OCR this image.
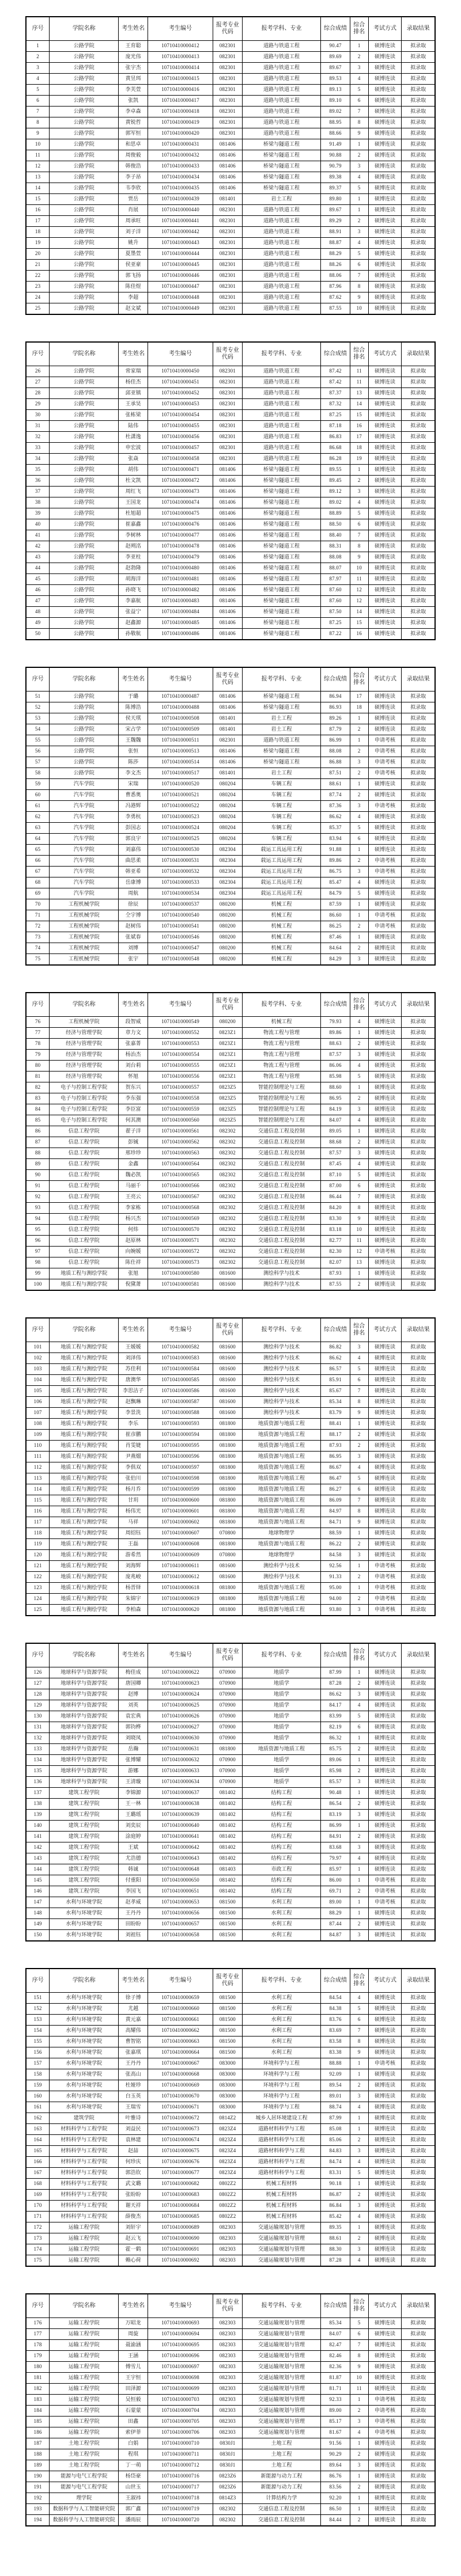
序号	学院名称	考生姓名	考生编号	报考专业代码	报考学科、专业	综合成绩	综合排名	考试方式	录取结果
1	公路学院	王育聪	10710410000412	082301	道路与铁道工程	90.47	1	硕博连读	拟录取
2	公路学院	庞光伟	10710410000413	082301	道路与铁道工程	89.69	2	硕博连读	拟录取
3	公路学院	张宇杰	10710410000414	082301	道路与铁道工程	89.67	3	硕博连读	拟录取
4	公路学院	黄昱珥	10710410000415	082301	道路与铁道工程	89.53	4	硕博连读	拟录取
5	公路学院	李芙萱	10710410000416	082301	道路与铁道工程	89.13	5	硕博连读	拟录取
6	公路学院	张凯	10710410000417	082301	道路与铁道工程	89.10	6	硕博连读	拟录取
7	公路学院	李卓森	10710410000418	082301	道路与铁道工程	89.02	7	硕博连读	拟录取
8	公路学院	黄锐哲	10710410000419	082301	道路与铁道工程	88.95	8	硕博连读	拟录取
9	公路学院	郭军恒	10710410000420	082301	道路与铁道工程	88.66	9	硕博连读	拟录取
10	公路学院	和思卓	10710410000431	081406	桥梁与隧道工程	91.49	1	硕博连读	拟录取
11	公路学院	周俊毅	10710410000432	081406	桥梁与隧道工程	90.88	2	硕博连读	拟录取
12	公路学院	韩俊浩	10710410000433	081406	桥梁与隧道工程	90.79	3	硕博连读	拟录取
13	公路学院	李子昂	10710410000434	081406	桥梁与隧道工程	89.38	4	硕博连读	拟录取
14	公路学院	韦李欣	10710410000435	081406	桥梁与隧道工程	89.37	5	硕博连读	拟录取
15	公路学院	贾岳	10710410000439	081401	岩土工程	89.80	1	硕博连读	拟录取
16	公路学院	肖展	10710410000440	082301	道路与铁道工程	89.67	1	硕博连读	拟录取
17	公路学院	周承旺	10710410000441	082301	道路与铁道工程	89.29	2	硕博连读	拟录取
18	公路学院	刘子洋	10710410000442	082301	道路与铁道工程	88.91	3	硕博连读	拟录取
19	公路学院	姚升	10710410000443	082301	道路与铁道工程	88.87	4	硕博连读	拟录取
20	公路学院	夏墨萱	10710410000444	082301	道路与铁道工程	88.29	5	硕博连读	拟录取
21	公路学院	侯亚豪	10710410000445	082301	道路与铁道工程	88.26	6	硕博连读	拟录取
22	公路学院	郭飞扬	10710410000446	082301	道路与铁道工程	88.06	7	硕博连读	拟录取
23	公路学院	陈佳煜	10710410000447	082301	道路与铁道工程	87.96	8	硕博连读	拟录取
24	公路学院	李超	10710410000448	082301	道路与铁道工程	87.62	9	硕博连读	拟录取
25	公路学院	赵文斌	10710410000449	082301	道路与铁道工程	87.55	10	硕博连读	拟录取
序号	学院名称	考生姓名	考生编号	报考专业代码	报考学科、专业	综合成绩	综合排名	考试方式	录取结果
26	公路学院	常家瑞	10710410000450	082301	道路与铁道工程	87.42	11	硕博连读	拟录取
27	公路学院	杨佳杰	10710410000451	082301	道路与铁道工程	87.42	11	硕博连读	拟录取
28	公路学院	邱亚镇	10710410000452	082301	道路与铁道工程	87.37	13	硕博连读	拟录取
29	公路学院	王承昊	10710410000453	082301	道路与铁道工程	87.32	14	硕博连读	拟录取
30	公路学院	张栋梁	10710410000454	082301	道路与铁道工程	87.25	15	硕博连读	拟录取
31	公路学院	陆伟	10710410000455	082301	道路与铁道工程	87.18	16	硕博连读	拟录取
32	公路学院	杜潇逸	10710410000456	082301	道路与铁道工程	86.83	17	硕博连读	拟录取
33	公路学院	申宏波	10710410000457	082301	道路与铁道工程	86.68	18	硕博连读	拟录取
34	公路学院	张焱	10710410000458	082301	道路与铁道工程	86.28	19	硕博连读	拟录取
35	公路学院	胡伟	10710410000471	081406	桥梁与隧道工程	89.55	1	硕博连读	拟录取
36	公路学院	杜文凯	10710410000472	081406	桥梁与隧道工程	89.45	2	硕博连读	拟录取
37	公路学院	周红飞	10710410000473	081406	桥梁与隧道工程	89.12	3	硕博连读	拟录取
38	公路学院	王国龙	10710410000474	081406	桥梁与隧道工程	89.02	4	硕博连读	拟录取
39	公路学院	杜旭超	10710410000475	081406	桥梁与隧道工程	88.89	5	硕博连读	拟录取
40	公路学院	崔嘉鑫	10710410000476	081406	桥梁与隧道工程	88.50	6	硕博连读	拟录取
41	公路学院	李树林	10710410000477	081406	桥梁与隧道工程	88.40	7	硕博连读	拟录取
42	公路学院	赵朔洺	10710410000478	081406	桥梁与隧道工程	88.31	8	硕博连读	拟录取
43	公路学院	李亚柱	10710410000479	081406	桥梁与隧道工程	88.08	9	硕博连读	拟录取
44	公路学院	赵勃隆	10710410000480	081406	桥梁与隧道工程	88.07	10	硕博连读	拟录取
45	公路学院	胡海洋	10710410000481	081406	桥梁与隧道工程	87.97	11	硕博连读	拟录取
46	公路学院	孙晓飞	10710410000482	081406	桥梁与隧道工程	87.60	12	硕博连读	拟录取
47	公路学院	李嘉航	10710410000483	081406	桥梁与隧道工程	87.60	12	硕博连读	拟录取
48	公路学院	张益宁	10710410000484	081406	桥梁与隧道工程	87.50	14	硕博连读	拟录取
49	公路学院	赵鑫源	10710410000485	081406	桥梁与隧道工程	87.25	15	硕博连读	拟录取
50	公路学院	孙敬航	10710410000486	081406	桥梁与隧道工程	87.22	16	硕博连读	拟录取
序号	学院名称	考生姓名	考生编号	报考专业代码	报考学科、专业	综合成绩	综合排名	考试方式	录取结果
51	公路学院	于璐	10710410000487	081406	桥梁与隧道工程	86.94	17	硕博连读	拟录取
52	公路学院	陈博浩	10710410000488	081406	桥梁与隧道工程	86.93	18	硕博连读	拟录取
53	公路学院	侯天琪	10710410000508	081401	岩土工程	89.26	1	硕博连读	拟录取
54	公路学院	宋占学	10710410000509	081401	岩土工程	87.79	2	硕博连读	拟录取
55	公路学院	王魏魏	10710410000511	082301	道路与铁道工程	86.99	1	申请考核	拟录取
56	公路学院	张恒	10710410000513	081406	桥梁与隧道工程	88.08	2	申请考核	拟录取
57	公路学院	陈莎	10710410000514	081406	桥梁与隧道工程	86.88	3	申请考核	拟录取
58	公路学院	李文杰	10710410000517	081401	岩土工程	87.51	2	申请考核	拟录取
59	汽车学院	宋瑞	10710410000520	080204	车辆工程	88.61	1	硕博连读	拟录取
60	汽车学院	曹悉奥	10710410000521	080204	车辆工程	87.74	2	硕博连读	拟录取
61	汽车学院	冯港辉	10710410000522	080204	车辆工程	87.36	3	申请考核	拟录取
62	汽车学院	李勇杭	10710410000523	080204	车辆工程	86.62	4	硕博连读	拟录取
63	汽车学院	彭国志	10710410000524	080204	车辆工程	85.37	5	硕博连读	拟录取
64	汽车学院	郭良宇	10710410000525	080204	车辆工程	83.94	6	硕博连读	拟录取
65	汽车学院	刘嘉伟	10710410000530	082304	载运工具运用工程	91.88	1	硕博连读	拟录取
66	汽车学院	曲思柔	10710410000531	082304	载运工具运用工程	89.86	2	申请考核	拟录取
67	汽车学院	韩亚希	10710410000532	082304	载运工具运用工程	86.75	3	申请考核	拟录取
68	汽车学院	岳康博	10710410000533	082304	载运工具运用工程	85.47	4	硕博连读	拟录取
69	汽车学院	周航	10710410000534	082304	载运工具运用工程	84.79	5	硕博连读	拟录取
70	工程机械学院	徐辰	10710410000537	080200	机械工程	87.59	1	硕博连读	拟录取
71	工程机械学院	仝宇博	10710410000540	080200	机械工程	86.60	1	申请考核	拟录取
72	工程机械学院	赵树伟	10710410000541	080200	机械工程	86.25	2	申请考核	拟录取
73	工程机械学院	张斌春	10710410000546	080200	机械工程	87.46	1	硕博连读	拟录取
74	工程机械学院	刘博	10710410000547	080200	机械工程	84.64	2	硕博连读	拟录取
75	工程机械学院	张宇	10710410000548	080200	机械工程	84.29	3	硕博连读	拟录取
序号	学院名称	考生姓名	考生编号	报考专业代码	报考学科、专业	综合成绩	综合排名	考试方式	录取结果
76	工程机械学院	段智威	10710410000549	080200	机械工程	79.93	4	硕博连读	拟录取
77	经济与管理学院	章力文	10710410000552	0823Z1	物流工程与管理	89.86	1	硕博连读	拟录取
78	经济与管理学院	张嘉菁	10710410000553	0823Z1	物流工程与管理	88.63	2	硕博连读	拟录取
79	经济与管理学院	杨治杰	10710410000554	0823Z1	物流工程与管理	87.57	3	硕博连读	拟录取
80	经济与管理学院	刘台莉	10710410000555	0823Z1	物流工程与管理	86.06	4	硕博连读	拟录取
81	经济与管理学院	怀旭	10710410000556	0823Z1	物流工程与管理	85.98	5	硕博连读	拟录取
82	电子与控制工程学院	贺东兴	10710410000557	0823Z5	智能控制理论与工程	88.60	1	硕博连读	拟录取
83	电子与控制工程学院	李东强	10710410000558	0823Z5	智能控制理论与工程	86.95	2	硕博连读	拟录取
84	电子与控制工程学院	李臣富	10710410000559	0823Z5	智能控制理论与工程	84.19	3	硕博连读	拟录取
85	电子与控制工程学院	何其澳	10710410000560	0823Z5	智能控制理论与工程	84.07	4	硕博连读	拟录取
86	信息工程学院	翟子洋	10710410000561	082302	交通信息工程及控制	89.05	1	硕博连读	拟录取
87	信息工程学院	彭铖	10710410000562	082302	交通信息工程及控制	88.68	2	硕博连读	拟录取
88	信息工程学院	邢珍珍	10710410000563	082302	交通信息工程及控制	87.57	3	硕博连读	拟录取
89	信息工程学院	金鑫	10710410000564	082302	交通信息工程及控制	87.45	4	硕博连读	拟录取
90	信息工程学院	魏必凯	10710410000565	082302	交通信息工程及控制	87.10	5	硕博连读	拟录取
91	信息工程学院	马丽千	10710410000566	082302	交通信息工程及控制	87.00	6	硕博连读	拟录取
92	信息工程学院	王亮云	10710410000567	082302	交通信息工程及控制	86.44	7	硕博连读	拟录取
93	信息工程学院	李家栋	10710410000568	082302	交通信息工程及控制	84.20	8	硕博连读	拟录取
94	信息工程学院	杨兴杰	10710410000569	082302	交通信息工程及控制	83.30	9	硕博连读	拟录取
95	信息工程学院	何炜	10710410000570	082302	交通信息工程及控制	83.18	10	硕博连读	拟录取
96	信息工程学院	赵原林	10710410000571	082302	交通信息工程及控制	82.77	11	硕博连读	拟录取
97	信息工程学院	向婉媛	10710410000572	082302	交通信息工程及控制	82.30	12	申请考核	拟录取
98	信息工程学院	陈仕祥	10710410000573	082302	交通信息工程及控制	82.07	13	硕博连读	拟录取
99	地质工程与测绘学院	张旭	10710410000580	081600	测绘科学与技术	87.93	1	硕博连读	拟录取
100	地质工程与测绘学院	倪黛萧	10710410000581	081600	测绘科学与技术	87.55	2	硕博连读	拟录取
序号	学院名称	考生姓名	考生编号	报考专业代码	报考学科、专业	综合成绩	综合排名	考试方式	录取结果
101	地质工程与测绘学院	王媛媛	10710410000582	081600	测绘科学与技术	86.82	3	硕博连读	拟录取
102	地质工程与测绘学院	刘泽伟	10710410000583	081600	测绘科学与技术	86.62	4	硕博连读	拟录取
103	地质工程与测绘学院	苏佳利	10710410000584	081600	测绘科学与技术	86.57	5	硕博连读	拟录取
104	地质工程与测绘学院	唐澳华	10710410000585	081600	测绘科学与技术	85.91	6	硕博连读	拟录取
105	地质工程与测绘学院	李思洁子	10710410000586	081600	测绘科学与技术	85.67	7	硕博连读	拟录取
106	地质工程与测绘学院	赵飘琳	10710410000587	081600	测绘科学与技术	85.34	8	硕博连读	拟录取
107	地质工程与测绘学院	李景洗	10710410000588	081600	测绘科学与技术	83.79	9	硕博连读	拟录取
108	地质工程与测绘学院	李乐	10710410000593	081800	地质资源与地质工程	88.41	1	硕博连读	拟录取
109	地质工程与测绘学院	崔彦鹏	10710410000594	081800	地质资源与地质工程	88.17	2	硕博连读	拟录取
110	地质工程与测绘学院	肖雯婕	10710410000595	081800	地质资源与地质工程	87.93	2	硕博连读	拟录取
111	地质工程与测绘学院	尹燕熘	10710410000596	081800	地质资源与地质工程	86.95	3	硕博连读	拟录取
112	地质工程与测绘学院	李俱双	10710410000597	081800	地质资源与地质工程	86.67	4	硕博连读	拟录取
113	地质工程与测绘学院	张伯川	10710410000598	081800	地质资源与地质工程	86.47	5	硕博连读	拟录取
114	地质工程与测绘学院	杨月乔	10710410000599	081800	地质资源与地质工程	86.27	6	硕博连读	拟录取
115	地质工程与测绘学院	甘玥	10710410000600	081800	地质资源与地质工程	86.09	7	硕博连读	拟录取
116	地质工程与测绘学院	杨伟光	10710410000601	081800	地质资源与地质工程	84.97	8	硕博连读	拟录取
117	地质工程与测绘学院	马祥	10710410000602	081800	地质资源与地质工程	84.71	9	硕博连读	拟录取
118	地质工程与测绘学院	周绍钰	10710410000607	070800	地球物理学	88.59	1	硕博连读	拟录取
119	地质工程与测绘学院	王磊	10710410000608	081800	地质资源与地质工程	86.22	2	硕博连读	拟录取
120	地质工程与测绘学院	游希然	10710410000609	070800	地球物理学	84.58	3	硕博连读	拟录取
121	地质工程与测绘学院	刘海辉	10710410000611	081600	测绘科学与技术	92.56	1	申请考核	拟录取
122	地质工程与测绘学院	庞兆峻	10710410000612	081600	测绘科学与技术	91.33	2	申请考核	拟录取
123	地质工程与测绘学院	杨晋铎	10710410000618	081800	地质资源与地质工程	95.00	1	申请考核	拟录取
124	地质工程与测绘学院	朱锦宇	10710410000619	081800	地质资源与地质工程	94.00	2	申请考核	拟录取
125	地质工程与测绘学院	李柏森	10710410000620	081800	地质资源与地质工程	93.80	3	申请考核	拟录取
序号	学院名称	考生姓名	考生编号	报考专业代码	报考学科、专业	综合成绩	综合排名	考试方式	录取结果
126	地球科学与资源学院	梅佳成	10710410000622	070900	地质学	87.99	1	硕博连读	拟录取
127	地球科学与资源学院	唐国卿	10710410000623	070900	地质学	87.28	2	硕博连读	拟录取
128	地球科学与资源学院	赵博	10710410000624	070900	地质学	86.62	3	硕博连读	拟录取
129	地球科学与资源学院	刘英	10710410000625	070900	地质学	84.17	4	硕博连读	拟录取
130	地球科学与资源学院	袁宏典	10710410000626	070900	地质学	83.99	5	硕博连读	拟录取
131	地球科学与资源学院	郭钧桦	10710410000627	070900	地质学	82.19	6	硕博连读	拟录取
132	地球科学与资源学院	刘晓凤	10710410000630	070900	地质学	86.32	1	硕博连读	拟录取
133	地球科学与资源学院	岳瀚	10710410000631	081800	地质资源与地质工程	85.75	2	硕博连读	拟录取
134	地球科学与资源学院	张博耀	10710410000632	070900	地质学	89.06	1	硕博连读	拟录取
135	地球科学与资源学院	游娜	10710410000633	070900	地质学	85.98	2	硕博连读	拟录取
136	地球科学与资源学院	王清璇	10710410000634	070900	地质学	85.57	3	硕博连读	拟录取
137	建筑工程学院	李锦源	10710410000637	081402	结构工程	90.48	1	硕博连读	拟录取
138	建筑工程学院	王一林	10710410000638	081402	结构工程	86.54	2	硕博连读	拟录取
139	建筑工程学院	王璐瑶	10710410000639	081402	结构工程	83.19	3	硕博连读	拟录取
140	建筑工程学院	刘奕辰	10710410000640	081402	结构工程	86.99	1	硕博连读	拟录取
141	建筑工程学院	涂庭婷	10710410000641	081402	结构工程	84.91	2	硕博连读	拟录取
142	建筑工程学院	王斌	10710410000642	081402	结构工程	83.68	3	硕博连读	拟录取
143	建筑工程学院	尤浩德	10710410000643	081402	结构工程	79.97	4	硕博连读	拟录取
144	建筑工程学院	韩诚	10710410000648	081403	市政工程	85.97	1	硕博连读	拟录取
145	建筑工程学院	付重阳	10710410000650	081402	结构工程	86.00	1	申请考核	拟录取
146	建筑工程学院	李国飞	10710410000651	081402	结构工程	69.71	2	申请考核	拟录取
147	水利与环境学院	赵孝威	10710410000653	081500	水利工程	89.00	1	申请考核	拟录取
148	水利与环境学院	王丹丹	10710410000656	081500	水利工程	88.29	1	硕博连读	拟录取
149	水利与环境学院	田盼盼	10710410000657	081500	水利工程	87.44	2	硕博连读	拟录取
150	水利与环境学院	刘祖钰	10710410000658	081500	水利工程	84.87	3	硕博连读	拟录取
序号	学院名称	考生姓名	考生编号	报考专业代码	报考学科、专业	综合成绩	综合排名	考试方式	录取结果
151	水利与环境学院	徐子博	10710410000659	081500	水利工程	84.54	4	硕博连读	拟录取
152	水利与环境学院	尤越	10710410000660	081500	水利工程	84.38	5	硕博连读	拟录取
153	水利与环境学院	黄元嘉	10710410000661	081500	水利工程	83.76	6	硕博连读	拟录取
154	水利与环境学院	高耀伟	10710410000662	081500	水利工程	83.69	7	硕博连读	拟录取
155	水利与环境学院	曹智铭	10710410000663	081500	水利工程	83.58	8	硕博连读	拟录取
156	水利与环境学院	张嘉琪	10710410000664	081500	水利工程	83.38	9	硕博连读	拟录取
157	水利与环境学院	王丹丹	10710410000667	083000	环境科学与工程	88.88	1	申请考核	拟录取
158	水利与环境学院	张高山	10710410000668	083000	环境科学与工程	92.09	1	硕博连读	拟录取
159	水利与环境学院	杜娅珍	10710410000669	083000	环境科学与工程	89.54	2	硕博连读	拟录取
160	水利与环境学院	白玉英	10710410000670	083000	环境科学与工程	89.01	3	硕博连读	拟录取
161	水利与环境学院	王瑞雪	10710410000671	083000	环境科学与工程	88.74	4	硕博连读	拟录取
162	建筑学院	叶雅诗	10710410000672	0814Z2	城乡人居环境建设工程	87.99	1	硕博连读	拟录取
163	材料科学与工程学院	刘益民	10710410000673	0823Z4	道路材料科学与工程	85.08	1	硕博连读	拟录取
164	材料科学与工程学院	袁林建	10710410000674	0823Z4	道路材料科学与工程	85.06	2	硕博连读	拟录取
165	材料科学与工程学院	赵喆	10710410000675	0823Z4	道路材料科学与工程	84.83	3	硕博连读	拟录取
166	材料科学与工程学院	何珍庆	10710410000676	0823Z4	道路材料科学与工程	84.74	4	硕博连读	拟录取
167	材料科学与工程学院	郭浩钦	10710410000677	0823Z4	道路材料科学与工程	83.31	5	硕博连读	拟录取
168	材料科学与工程学院	武文璐	10710410000682	0802Z2	机械工程材料	90.18	1	硕博连读	拟录取
169	材料科学与工程学院	张盼盼	10710410000683	0802Z2	机械工程材料	86.87	2	硕博连读	拟录取
170	材料科学与工程学院	谢天祥	10710410000684	0802Z2	机械工程材料	86.84	3	硕博连读	拟录取
171	材料科学与工程学院	薛俊杰	10710410000685	0802Z2	机械工程材料	85.42	4	硕博连读	拟录取
172	运输工程学院	刘轩宇	10710410000689	082303	交通运输规划与管理	89.35	1	硕博连读	拟录取
173	运输工程学院	赵云飞	10710410000690	082303	交通运输规划与管理	88.61	2	硕博连读	拟录取
174	运输工程学院	霍一鹤	10710410000691	082303	交通运输规划与管理	88.30	3	硕博连读	拟录取
175	运输工程学院	赖心荷	10710410000692	082303	交通运输规划与管理	87.28	4	硕博连读	拟录取
序号	学院名称	考生姓名	考生编号	报考专业代码	报考学科、专业	综合成绩	综合排名	考试方式	录取结果
176	运输工程学院	万昭龙	10710410000693	082303	交通运输规划与管理	85.34	5	硕博连读	拟录取
177	运输工程学院	周旋	10710410000694	082303	交通运输规划与管理	84.07	6	硕博连读	拟录取
178	运输工程学院	聂渝涵	10710410000695	082303	交通运输规划与管理	82.47	7	硕博连读	拟录取
179	运输工程学院	王涵	10710410000696	082303	交通运输规划与管理	82.46	8	硕博连读	拟录取
180	运输工程学院	傅雪儿	10710410000697	082303	交通运输规划与管理	82.36	9	硕博连读	拟录取
181	运输工程学院	王宇恒	10710410000698	082303	交通运输规划与管理	81.87	10	硕博连读	拟录取
182	运输工程学院	田泽源	10710410000699	082303	交通运输规划与管理	81.71	11	硕博连读	拟录取
183	运输工程学院	吴恒毅	10710410000703	082303	交通运输规划与管理	92.33	1	申请考核	拟录取
184	运输工程学院	石蒙蒙	10710410000704	082303	交通运输规划与管理	89.00	2	申请考核	拟录取
185	运输工程学院	田鑫	10710410000705	082303	交通运输规划与管理	85.17	3	申请考核	拟录取
186	运输工程学院	索伊菲	10710410000706	082303	交通运输规划与管理	81.67	4	申请考核	拟录取
187	土地工程学院	白娟	10710410000710	0830J1	土地工程	91.56	1	硕博连读	拟录取
188	土地工程学院	程琪	10710410000711	0830J1	土地工程	90.29	2	硕博连读	拟录取
189	土地工程学院	丁一萌	10710410000712	0830J1	土地工程	89.64	3	硕博连读	拟录取
190	能源与电气工程学院	杨岱豪	10710410000716	0823Z6	新能源与动力工程	86.76	1	硕博连读	拟录取
191	能源与电气工程学院	山世玉	10710410000717	0823Z6	新能源与动力工程	83.56	2	硕博连读	拟录取
192	理学院	王淑祎	10710410000718	0814Z3	计算结构力学	92.20	1	硕博连读	拟录取
193	数据科学与人工智能研究院	郭广鑫	10710410000719	082302	交通信息工程及控制	86.50	1	硕博连读	拟录取
194	数据科学与人工智能研究院	潘雨辰	10710410000720	082302	交通信息工程及控制	84.44	2	硕博连读	拟录取
